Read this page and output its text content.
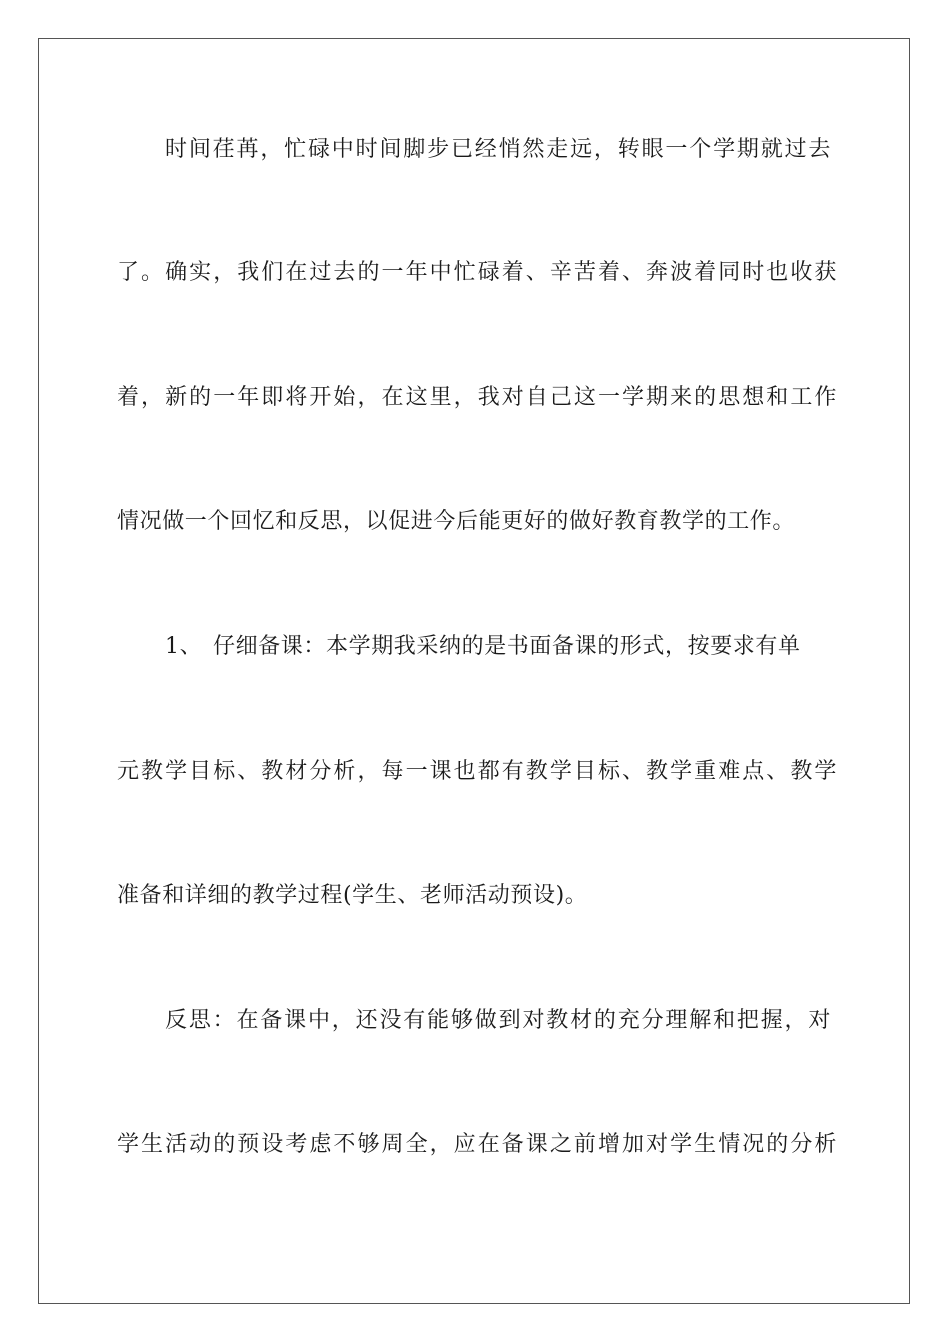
时间荏苒，忙碌中时间脚步已经悄然走远，转眼一个学期就过去
了。确实，我们在过去的一年中忙碌着、辛苦着、奔波着同时也收获
着，新的一年即将开始，在这里，我对自己这一学期来的思想和工作
情况做一个回忆和反思，以促进今后能更好的做好教育教学的工作。
1、 仔细备课：本学期我采纳的是书面备课的形式，按要求有单
元教学目标、教材分析，每一课也都有教学目标、教学重难点、教学
准备和详细的教学过程(学生、老师活动预设)。
反思：在备课中，还没有能够做到对教材的充分理解和把握，对
学生活动的预设考虑不够周全，应在备课之前增加对学生情况的分析
